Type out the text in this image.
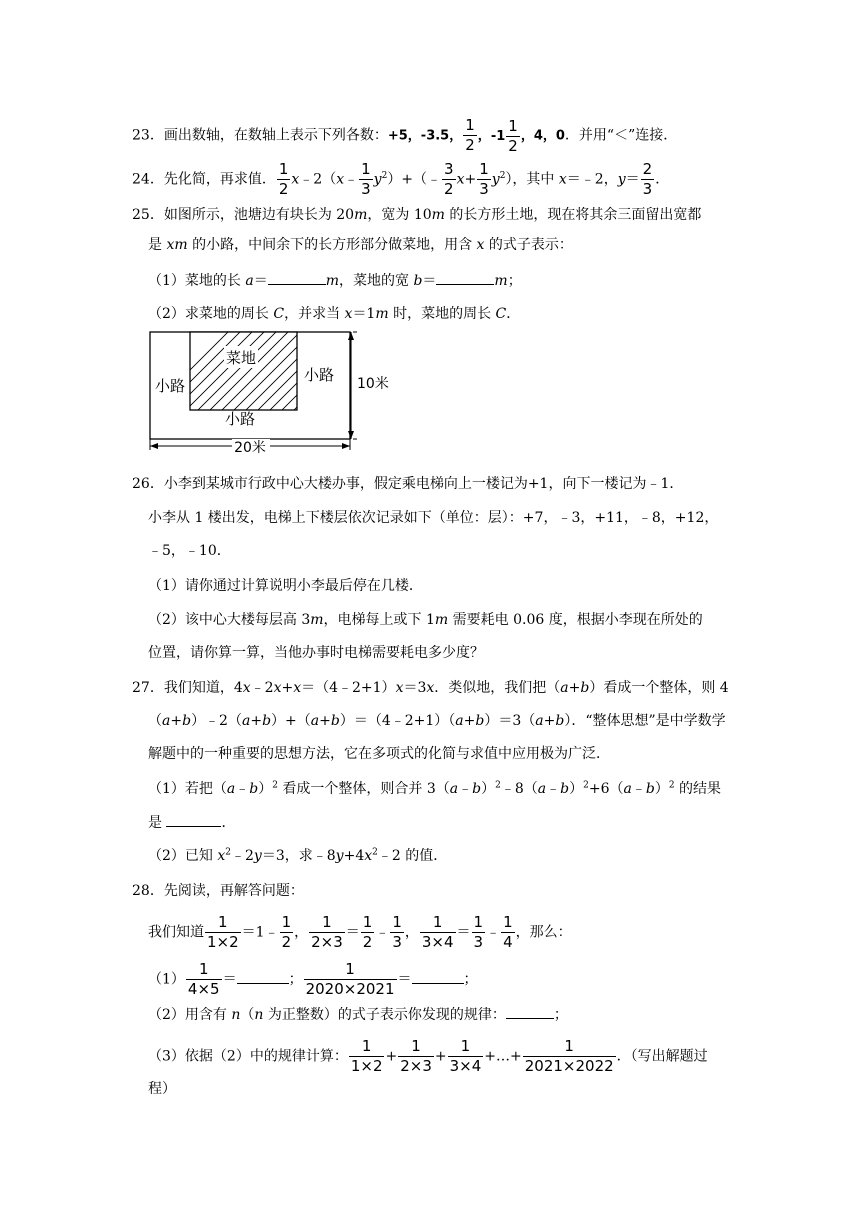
23．画出数轴，在数轴上表示下列各数：+5，-3.5， $\frac{1}{2}$ ， -1
1
2
，4，0．并用“＜”连接．
24．先化简，再求值． $\frac{1}{2}$ x﹣2（x﹣ $\frac{1}{3}$ $y^2)+(﹣ \frac{3}{2} x+ \frac{1}{3} y^2)$，其中 x＝﹣2，$y= \frac{2}{3}$ ．
25．如图所示，池塘边有块长为 20m，宽为 10m 的长方形土地，现在将其余三面留出宽都
是 xm 的小路，中间余下的长方形部分做菜地，用含 x 的式子表示：
（1）菜地的长 a＝	m，菜地的宽 b＝	m；
（2）求菜地的周长 C，并求当 x＝1m 时，菜地的周长 C．
菜地
小路
小路
小路
10米
20米
26．小李到某城市行政中心大楼办事，假定乘电梯向上一楼记为+1，向下一楼记为﹣1．
小李从 1 楼出发，电梯上下楼层依次记录如下（单位：层）：+7，﹣3，+11，﹣8，+12，
﹣5，﹣10．
（1）请你通过计算说明小李最后停在几楼．
（2）该中心大楼每层高 3m，电梯每上或下 1m 需要耗电 0.06 度，根据小李现在所处的
位置，请你算一算，当他办事时电梯需要耗电多少度？
27．我们知道，4x﹣2x+x＝（4﹣2+1）x＝3x．类似地，我们把（a+b）看成一个整体，则 4
（a+b）﹣2（a+b）+（a+b）＝（4﹣2+1）（a+b）＝3（a+b）．“整体思想”是中学数学
解题中的一种重要的思想方法，它在多项式的化简与求值中应用极为广泛．
（1）若把（a﹣b）$^2$ 看成一个整体，则合并 3（a﹣b）$^2$﹣8（a﹣b）$^2$+6（a﹣b）$^2$ 的结果
是	．
（2）已知 $x^2﹣2y=3$，求$﹣8y+4x^2﹣2$ 的值．
28．先阅读，再解答问题：
我们知道 $\frac{1}{1\times 2}$ ＝1﹣ $\frac{1}{2}$ ， $\frac{1}{2\times 3} = \frac{1}{2}$ ﹣ $\frac{1}{3}$ ， $\frac{1}{3\times 4} = \frac{1}{3}$ ﹣ $\frac{1}{4}$ ，那么：
$(1) \frac{1}{4\times 5}$ ＝	； $\frac{1}{2020\times 2021}$ ＝	；
（2）用含有 n（n 为正整数）的式子表示你发现的规律：	；
（3）依据（2）中的规律计算： $\frac{1}{1\times 2} + \frac{1}{2\times 3} + \frac{1}{3\times 4}$ +…+ $\frac{1}{2021\times 2022}$ ．（写出解题过
程）
